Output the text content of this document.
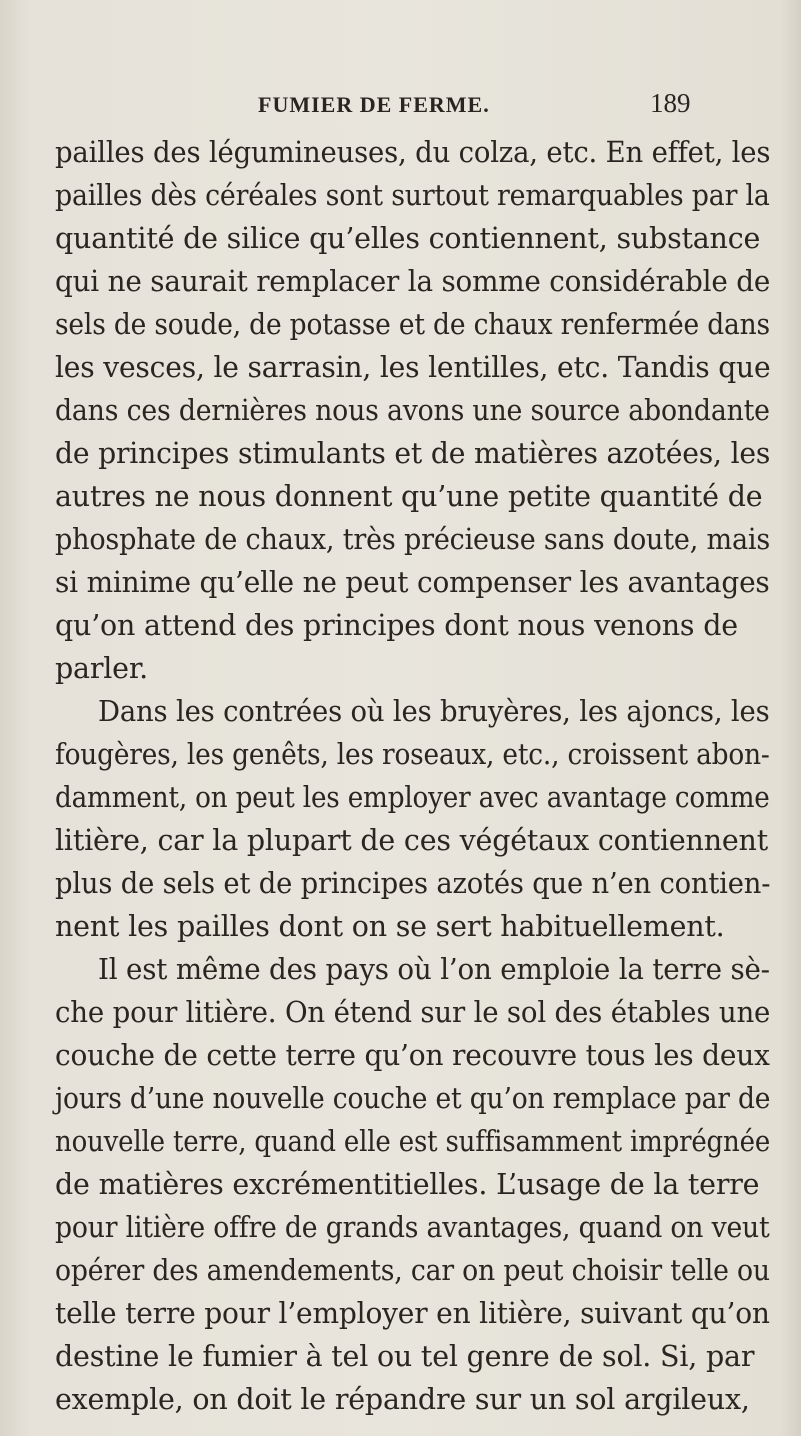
FUMIER DE FERME.	189
pailles des légumineuses, du colza, etc. En effet, les
pailles dès céréales sont surtout remarquables par la
quantité de silice qu’elles contiennent, substance
qui ne saurait remplacer la somme considérable de
sels de soude, de potasse et de chaux renfermée dans
les vesces, le sarrasin, les lentilles, etc. Tandis que
dans ces dernières nous avons une source abondante
de principes stimulants et de matières azotées, les
autres ne nous donnent qu’une petite quantité de
phosphate de chaux, très précieuse sans doute, mais
si minime qu’elle ne peut compenser les avantages
qu’on attend des principes dont nous venons de
parler.
Dans les contrées où les bruyères, les ajoncs, les
fougères, les genêts, les roseaux, etc., croissent abon-
damment, on peut les employer avec avantage comme
litière, car la plupart de ces végétaux contiennent
plus de sels et de principes azotés que n’en contien-
nent les pailles dont on se sert habituellement.
Il est même des pays où l’on emploie la terre sè-
che pour litière. On étend sur le sol des étables une
couche de cette terre qu’on recouvre tous les deux
jours d’une nouvelle couche et qu’on remplace par de
nouvelle terre, quand elle est suffisamment imprégnée
de matières excrémentitielles. L’usage de la terre
pour litière offre de grands avantages, quand on veut
opérer des amendements, car on peut choisir telle ou
telle terre pour l’employer en litière, suivant qu’on
destine le fumier à tel ou tel genre de sol. Si, par
exemple, on doit le répandre sur un sol argileux,
